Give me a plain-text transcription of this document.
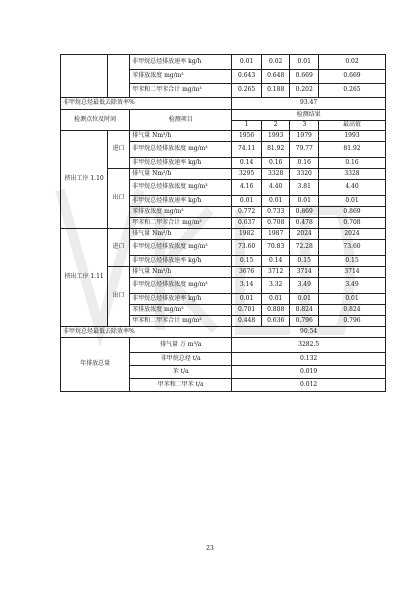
		非甲烷总烃排放速率 kg/h	0.01	0.02	0.01	0.02
		苯排放浓度 mg/m³	0.643	0.648	0.669	0.669
		甲苯和二甲苯合计 mg/m³	0.265	0.188	0.202	0.265
非甲烷总烃最低去除效率%			93.47			
检测点位及时间		检测项目	检测结果			
			1	2	3	最高值
挤出工序 1.10	进口	排气量 Nm³/h	1956	1993	1979	1993
		非甲烷总烃排放浓度 mg/m³	74.11	81.92	79.77	81.92
		非甲烷总烃排放速率 kg/h	0.14	0.16	0.16	0.16
	出口	排气量 Nm³/h	3295	3328	3320	3328
		非甲烷总烃排放浓度 mg/m³	4.16	4.40	3.81	4.40
		非甲烷总烃排放速率 kg/h	0.01	0.01	0.01	0.01
		苯排放浓度 mg/m³	0.772	0.733	0.869	0.869
		甲苯和二甲苯合计 mg/m³	0.637	0.708	0.478	0.708
挤出工序 1.11	进口	排气量 Nm³/h	1982	1987	2024	2024
		非甲烷总烃排放浓度 mg/m³	73.60	70.83	72.28	73.60
		非甲烷总烃排放速率 kg/h	0.15	0.14	0.15	0.15
	出口	排气量 Nm³/h	3676	3712	3714	3714
		非甲烷总烃排放浓度 mg/m³	3.14	3.32	3.49	3.49
		非甲烷总烃排放速率 kg/h	0.01	0.01	0.01	0.01
		苯排放浓度 mg/m³	0.701	0.808	0.824	0.824
		甲苯和二甲苯合计 mg/m³	0.448	0.636	0.796	0.796
非甲烷总烃最低去除效率%			90.54			
年排放总量		排气量 万 m³/a	3282.5			
		非甲烷总烃 t/a	0.132			
		苯 t/a	0.019			
		甲苯和二甲苯 t/a	0.012			
23
